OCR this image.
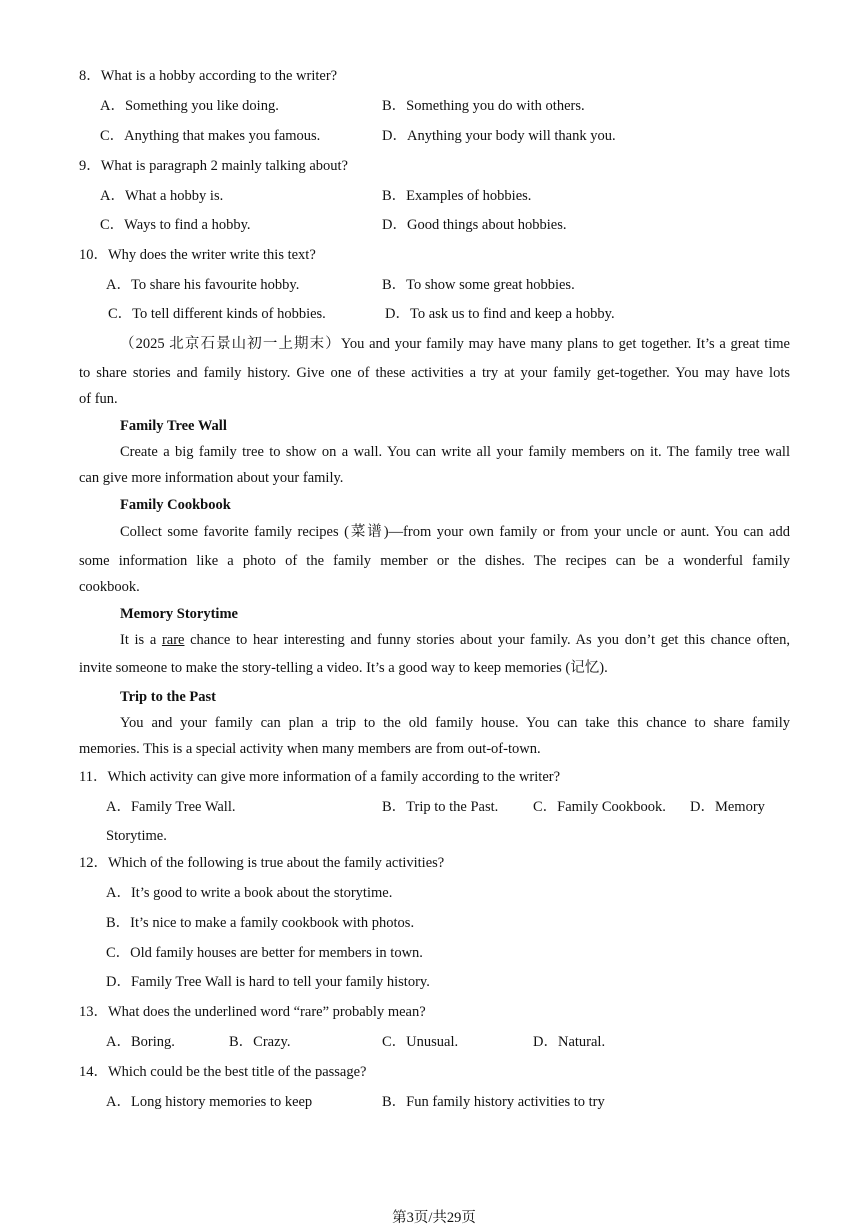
8．What is a hobby according to the writer?
A．Something you like doing.	B．Something you do with others.
C．Anything that makes you famous.	D．Anything your body will thank you.
9．What is paragraph 2 mainly talking about?
A．What a hobby is.	B．Examples of hobbies.
C．Ways to find a hobby.	D．Good things about hobbies.
10．Why does the writer write this text?
A．To share his favourite hobby.	B．To show some great hobbies.
C．To tell different kinds of hobbies.	D．To ask us to find and keep a hobby.
（2025 北京石景山初一上期末）You and your family may have many plans to get together. It’s a great time
to share stories and family history. Give one of these activities a try at your family get-together. You may have lots
of fun.
Family Tree Wall
Create a big family tree to show on a wall. You can write all your family members on it. The family tree wall
can give more information about your family.
Family Cookbook
Collect some favorite family recipes (菜谱)—from your own family or from your uncle or aunt. You can add
some information like a photo of the family member or the dishes. The recipes can be a wonderful family
cookbook.
Memory Storytime
It is a rare chance to hear interesting and funny stories about your family. As you don’t get this chance often,
invite someone to make the story-telling a video. It’s a good way to keep memories (记忆).
Trip to the Past
You and your family can plan a trip to the old family house. You can take this chance to share family
memories. This is a special activity when many members are from out-of-town.
11．Which activity can give more information of a family according to the writer?
A．Family Tree Wall.	B．Trip to the Past. C．Family Cookbook. D．Memory
Storytime.
12．Which of the following is true about the family activities?
A．It’s good to write a book about the storytime.
B．It’s nice to make a family cookbook with photos.
C．Old family houses are better for members in town.
D．Family Tree Wall is hard to tell your family history.
13．What does the underlined word “rare” probably mean?
A．Boring.	B．Crazy.	C．Unusual.	D．Natural.
14．Which could be the best title of the passage?
A．Long history memories to keep	B．Fun family history activities to try
第3页/共29页
